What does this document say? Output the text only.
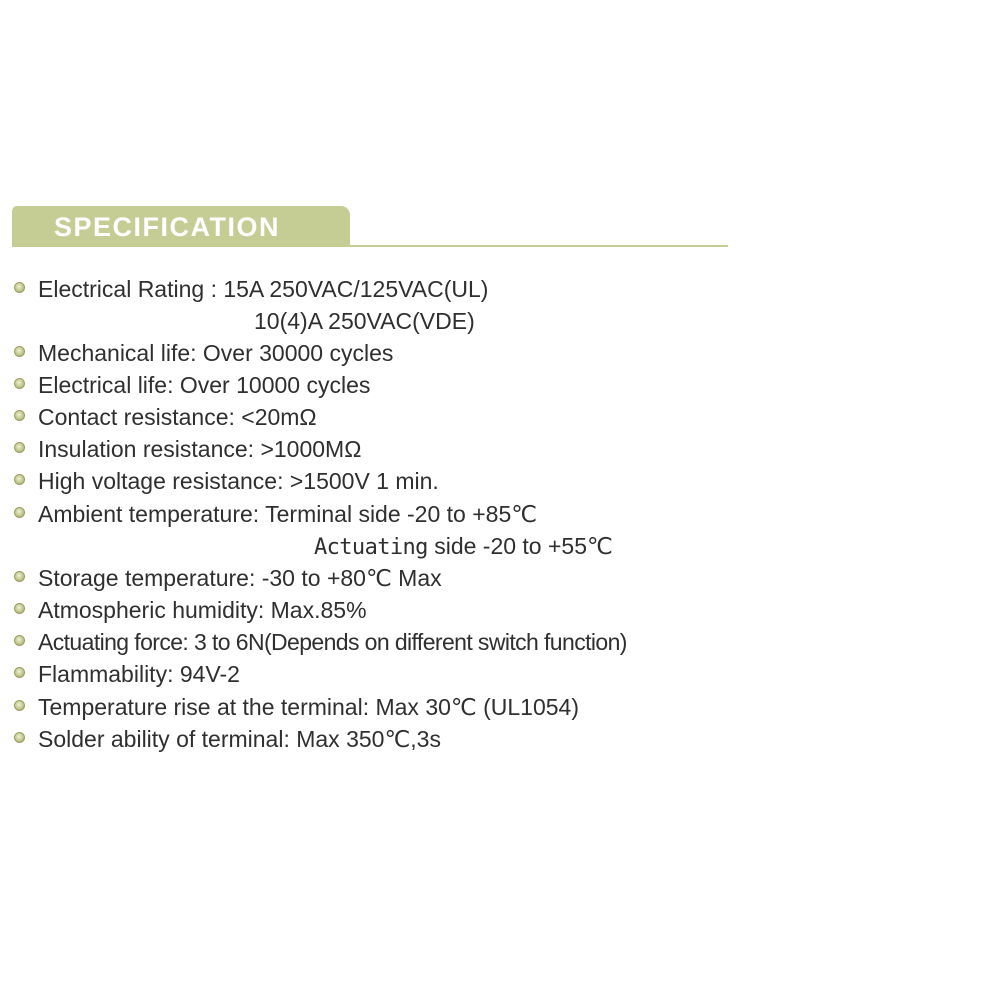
SPECIFICATION
Electrical Rating : 15A 250VAC/125VAC(UL)
10(4)A 250VAC(VDE)
Mechanical life: Over 30000 cycles
Electrical life: Over 10000 cycles
Contact resistance: <20mΩ
Insulation resistance: >1000MΩ
High voltage resistance: >1500V 1 min.
Ambient temperature: Terminal side -20 to +85℃
Actuating side -20 to +55℃
Storage temperature: -30 to +80℃ Max
Atmospheric humidity: Max.85%
Actuating force: 3 to 6N(Depends on different switch function)
Flammability: 94V-2
Temperature rise at the terminal: Max 30℃ (UL1054)
Solder ability of terminal: Max 350℃,3s
